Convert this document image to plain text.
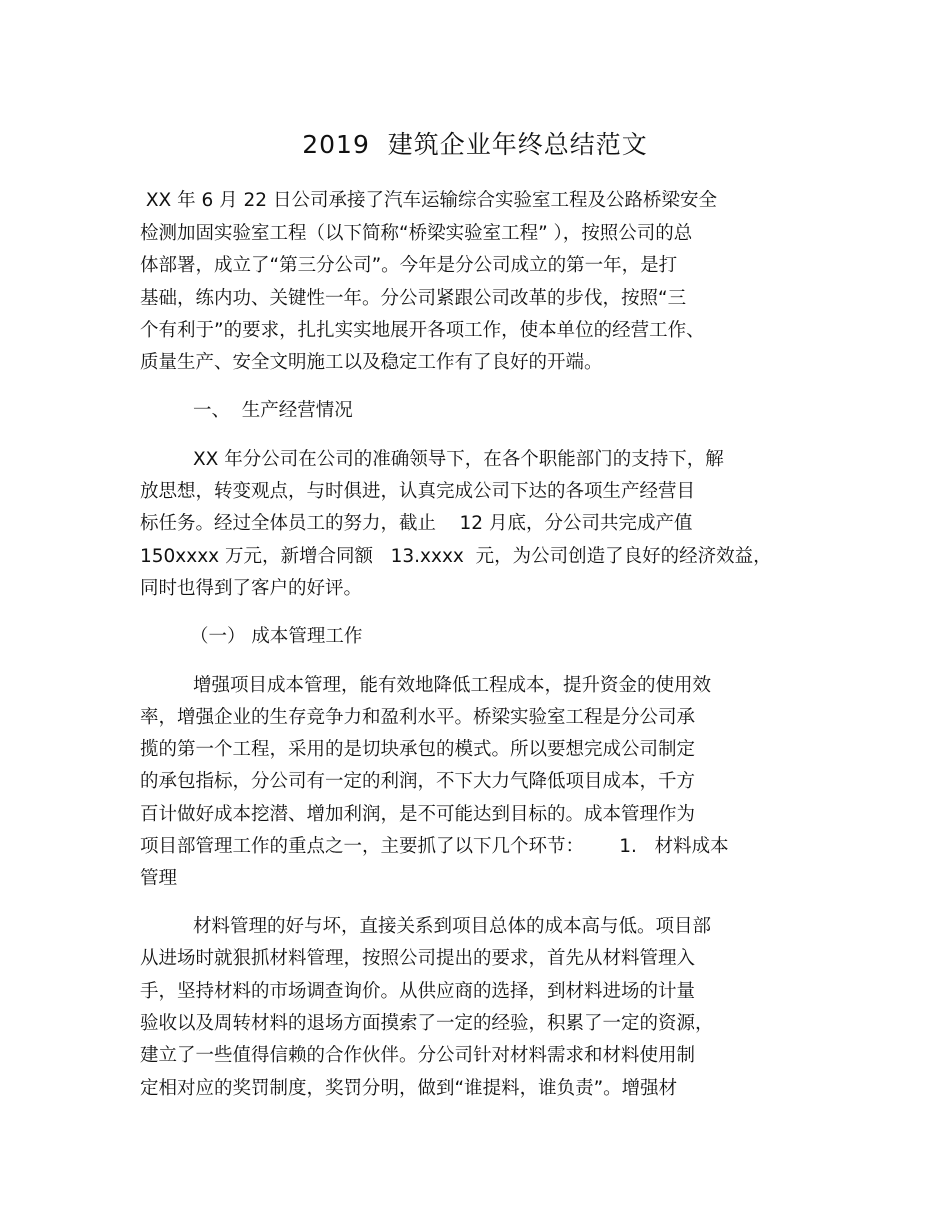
2019  建筑企业年终总结范文
XX 年 6 月 22 日公司承接了汽车运输综合实验室工程及公路桥梁安全
检测加固实验室工程（以下简称“桥梁实验室工程” ），按照公司的总
体部署，成立了“第三分公司”。今年是分公司成立的第一年，是打
基础，练内功、关键性一年。分公司紧跟公司改革的步伐，按照“三
个有利于”的要求，扎扎实实地展开各项工作，使本单位的经营工作、
质量生产、安全文明施工以及稳定工作有了良好的开端。
一、  生产经营情况
XX 年分公司在公司的准确领导下，在各个职能部门的支持下，解
放思想，转变观点，与时俱进，认真完成公司下达的各项生产经营目
标任务。经过全体员工的努力，截止    12 月底，分公司共完成产值
150xxxx 万元，新增合同额   13.xxxx  元，为公司创造了良好的经济效益，
同时也得到了客户的好评。
（一） 成本管理工作
增强项目成本管理，能有效地降低工程成本，提升资金的使用效
率，增强企业的生存竞争力和盈利水平。桥梁实验室工程是分公司承
揽的第一个工程，采用的是切块承包的模式。所以要想完成公司制定
的承包指标，分公司有一定的利润，不下大力气降低项目成本，千方
百计做好成本挖潜、增加利润，是不可能达到目标的。成本管理作为
项目部管理工作的重点之一，主要抓了以下几个环节：      1.   材料成本
管理
材料管理的好与坏，直接关系到项目总体的成本高与低。项目部
从进场时就狠抓材料管理，按照公司提出的要求，首先从材料管理入
手，坚持材料的市场调查询价。从供应商的选择，到材料进场的计量
验收以及周转材料的退场方面摸索了一定的经验，积累了一定的资源，
建立了一些值得信赖的合作伙伴。分公司针对材料需求和材料使用制
定相对应的奖罚制度，奖罚分明，做到“谁提料，谁负责”。增强材
